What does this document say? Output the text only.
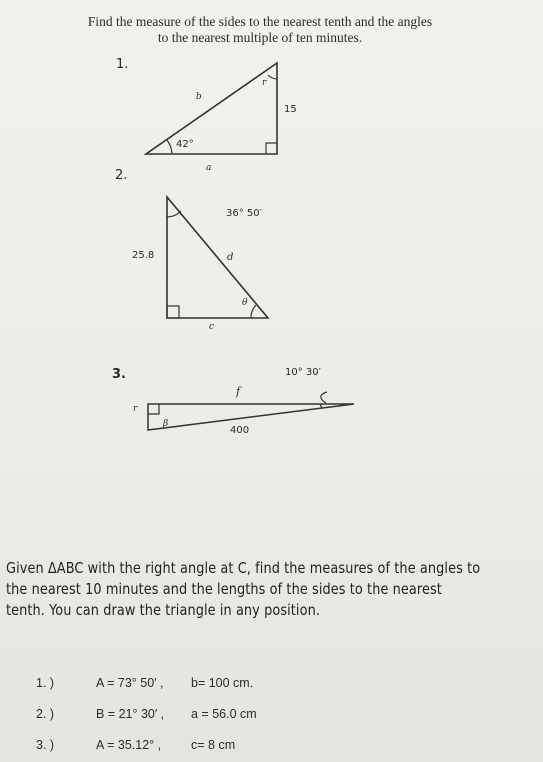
Find the measure of the sides to the nearest tenth and the angles
to the nearest multiple of ten minutes.
1.
b
r
15
42°
a
2.
36° 50′
25.8	d
θ
c
3.	10° 30′
f
r
β
400
Given ΔABC with the right angle at C, find the measures of the angles to the nearest 10 minutes and the lengths of the sides to the nearest tenth. You can draw the triangle in any position.
1. )	A = 73° 50′ , b= 100 cm.
2. )	B = 21° 30′ , a = 56.0 cm
3. )	A = 35.12° , c= 8 cm
